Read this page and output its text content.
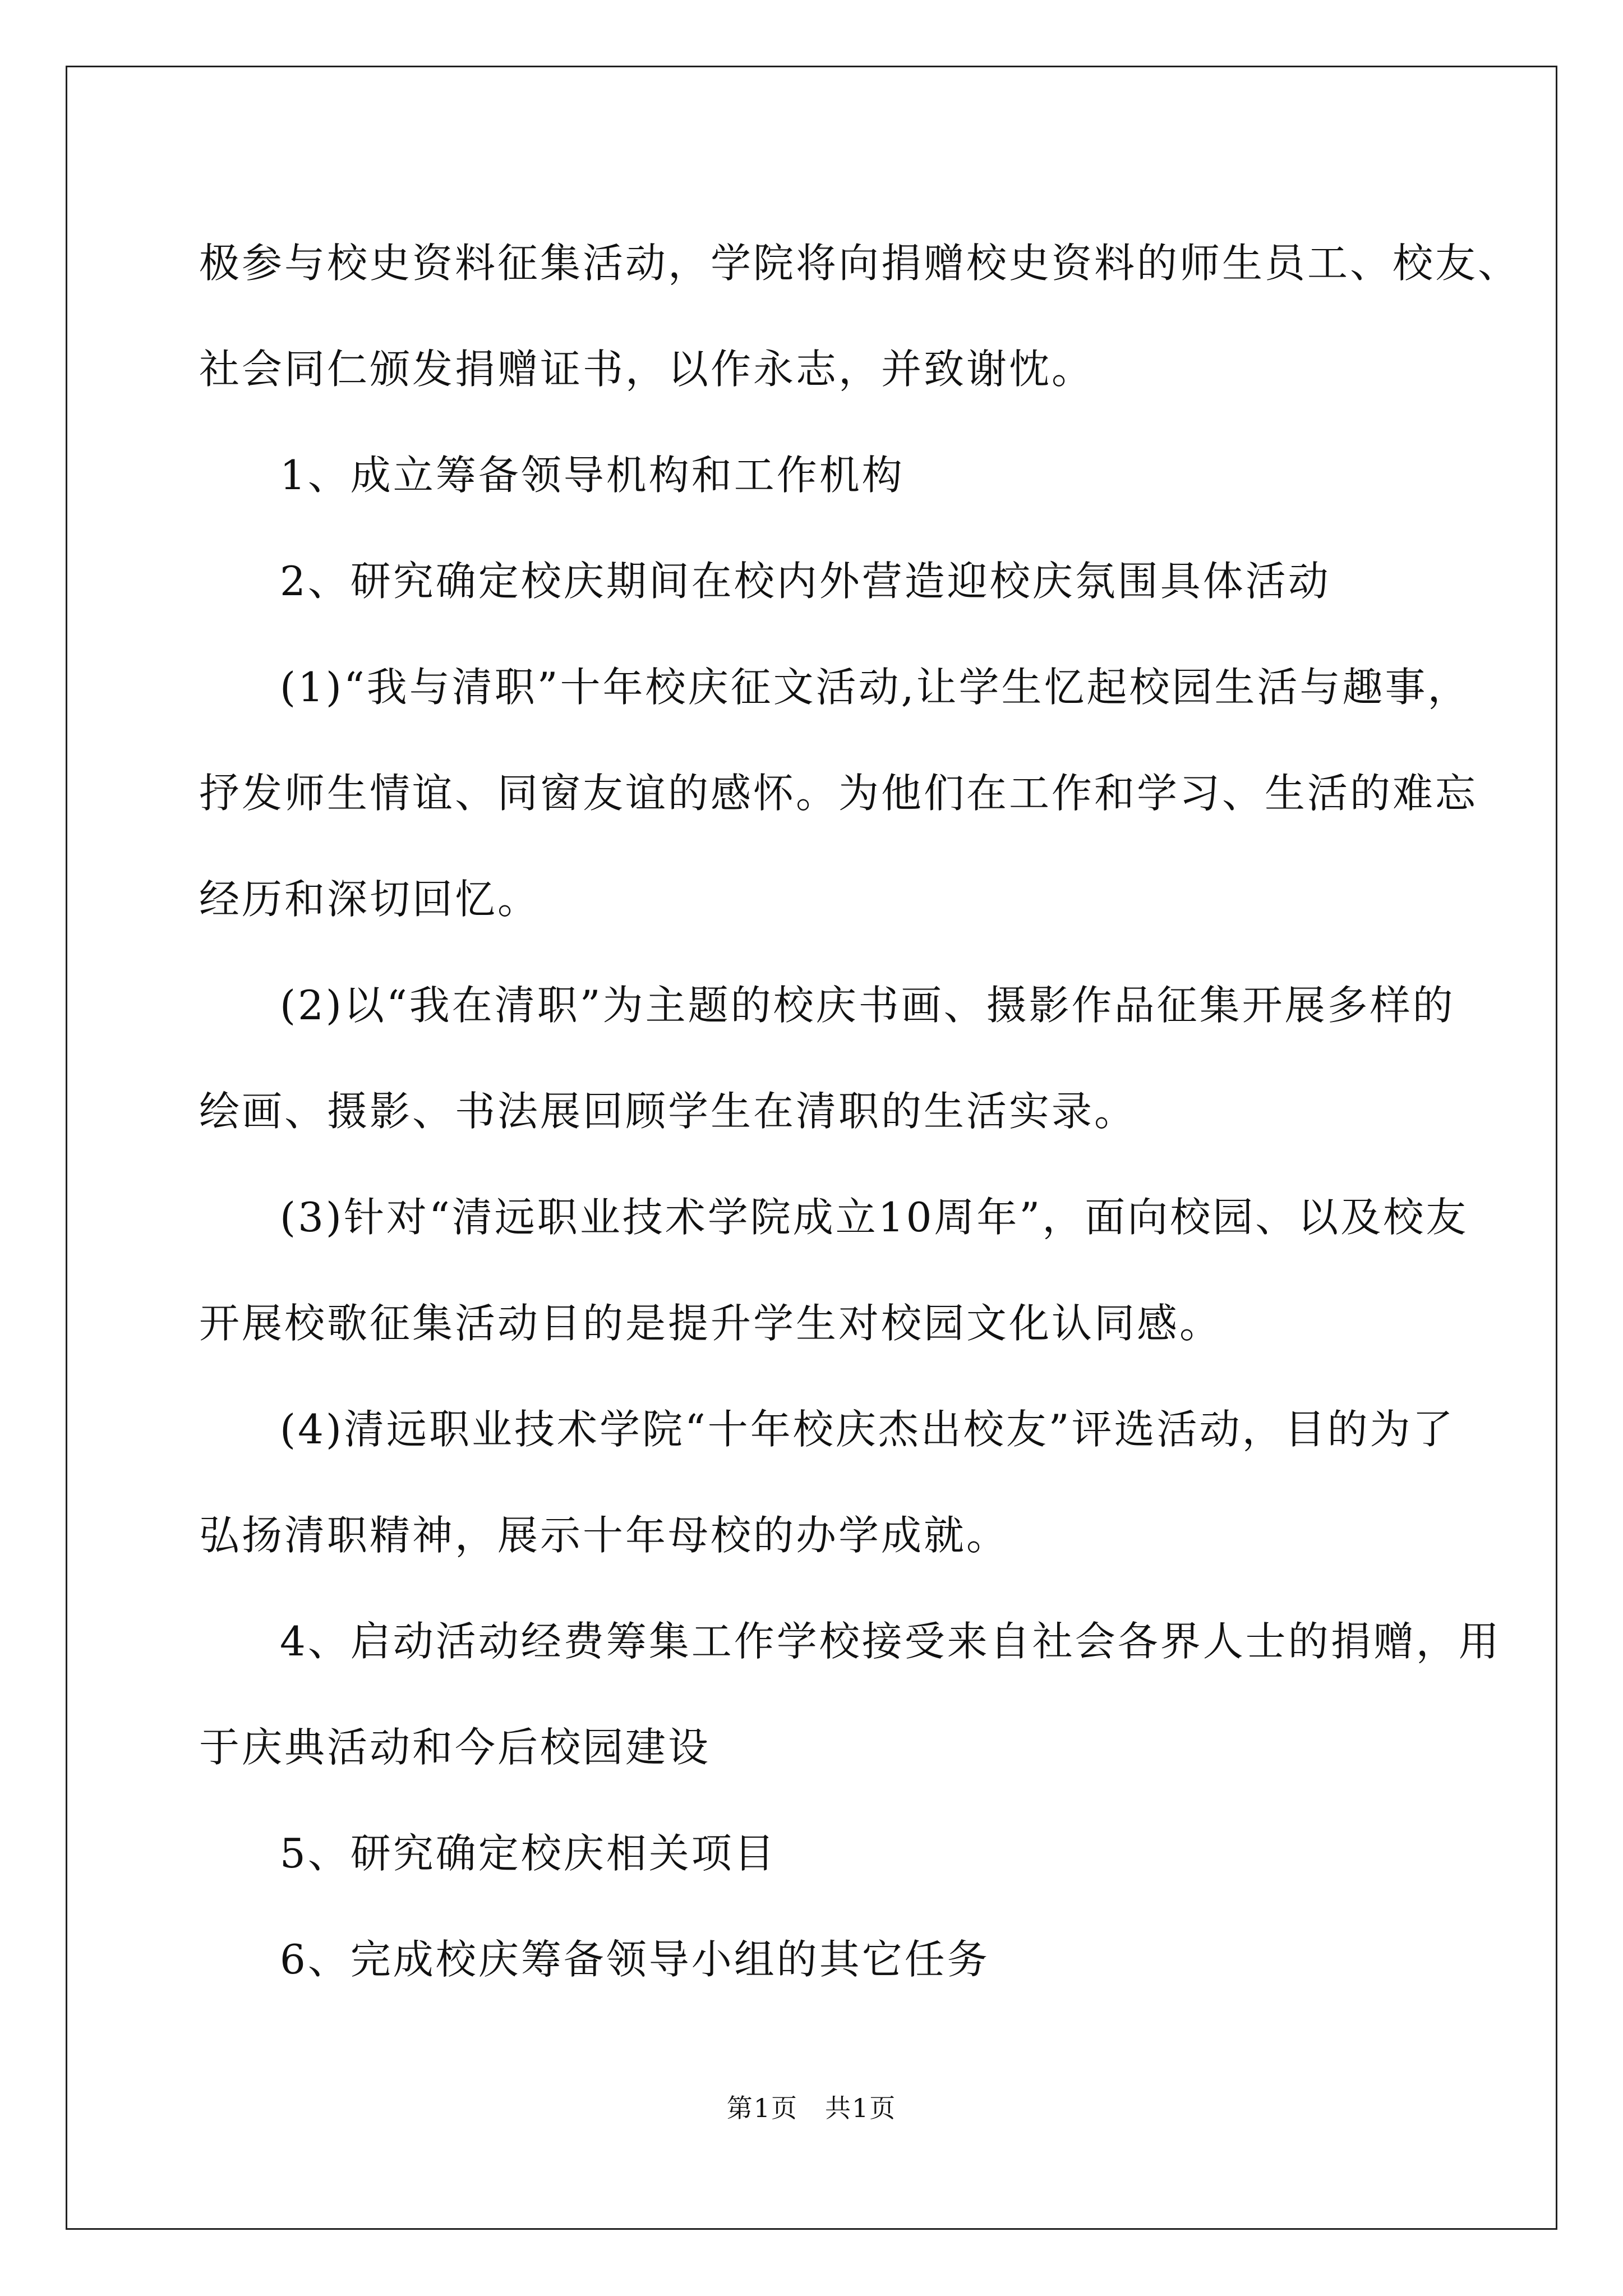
极参与校史资料征集活动，学院将向捐赠校史资料的师生员工、校友、

社会同仁颁发捐赠证书，以作永志，并致谢忱。

1、成立筹备领导机构和工作机构

2、研究确定校庆期间在校内外营造迎校庆氛围具体活动

(1)“我与清职”十年校庆征文活动,让学生忆起校园生活与趣事，

抒发师生情谊、同窗友谊的感怀。为他们在工作和学习、生活的难忘

经历和深切回忆。

(2)以“我在清职”为主题的校庆书画、摄影作品征集开展多样的

绘画、摄影、书法展回顾学生在清职的生活实录。

(3)针对“清远职业技术学院成立10周年”，面向校园、以及校友

开展校歌征集活动目的是提升学生对校园文化认同感。

(4)清远职业技术学院“十年校庆杰出校友”评选活动，目的为了

弘扬清职精神，展示十年母校的办学成就。

4、启动活动经费筹集工作学校接受来自社会各界人士的捐赠，用

于庆典活动和今后校园建设

5、研究确定校庆相关项目

6、完成校庆筹备领导小组的其它任务

第1页 共1页
